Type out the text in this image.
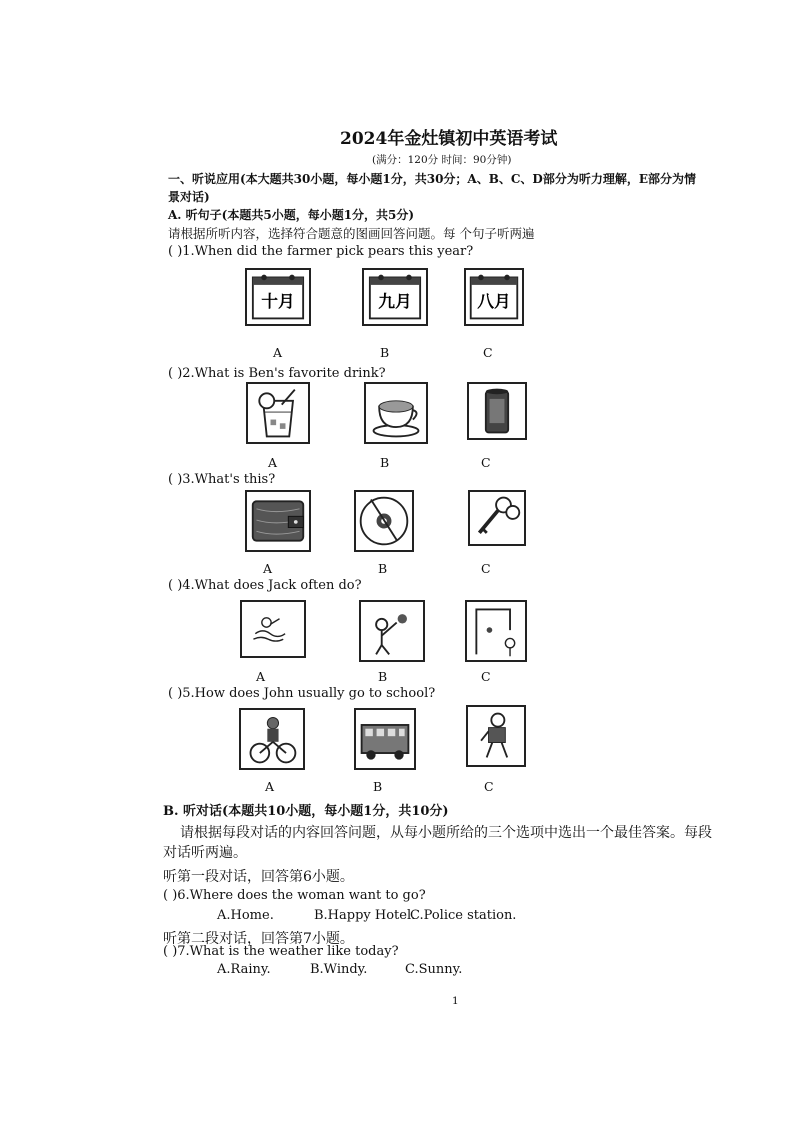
2024年金灶镇初中英语考试
(满分：120分 时间：90分钟)
一、听说应用(本大题共30小题，每小题1分，共30分；A、B、C、D部分为听力理解，E部分为情
景对话)
A. 听句子(本题共5小题，每小题1分，共5分)
请根据所听内容，选择符合题意的图画回答问题。每 个句子听两遍
( )1.When did the farmer pick pears this year?
十月	九月	八月
A	B	C
( )2.What is Ben's favorite drink?
A	B	C
( )3.What's this?
A	B	C
( )4.What does Jack often do?
A	B	C
( )5.How does John usually go to school?
A	B	C
B. 听对话(本题共10小题，每小题1分，共10分)
请根据每段对话的内容回答问题，从每小题所给的三个选项中选出一个最佳答案。每段
对话听两遍。
听第一段对话，回答第6小题。
( )6.Where does the woman want to go?
A.Home.	B.Happy Hotel.
C.Police station.
听第二段对话，回答第7小题。
( )7.What is the weather like today?
A.Rainy.	B.Windy.	C.Sunny.
1
